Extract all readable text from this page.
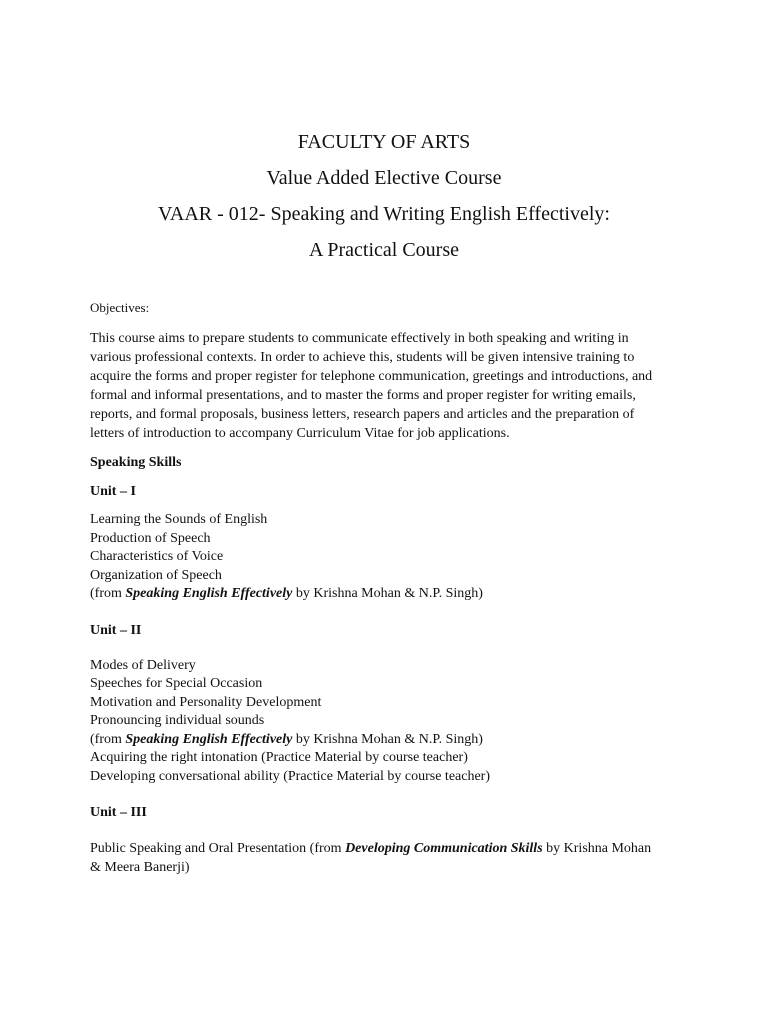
FACULTY OF ARTS

Value Added Elective Course

VAAR - 012- Speaking and Writing English Effectively:

A Practical Course

Objectives:

This course aims to prepare students to communicate effectively in both speaking and writing in various professional contexts. In order to achieve this, students will be given intensive training to acquire the forms and proper register for telephone communication, greetings and introductions, and formal and informal presentations, and to master the forms and proper register for writing emails, reports, and formal proposals, business letters, research papers and articles and the preparation of letters of introduction to accompany Curriculum Vitae for job applications.

Speaking Skills

Unit – I

Learning the Sounds of English
Production of Speech
Characteristics of Voice
Organization of Speech
(from Speaking English Effectively by Krishna Mohan & N.P. Singh)

Unit – II

Modes of Delivery
Speeches for Special Occasion
Motivation and Personality Development
Pronouncing individual sounds
(from Speaking English Effectively by Krishna Mohan & N.P. Singh)
Acquiring the right intonation (Practice Material by course teacher)
Developing conversational ability (Practice Material by course teacher)

Unit – III

Public Speaking and Oral Presentation (from Developing Communication Skills by Krishna Mohan & Meera Banerji)
